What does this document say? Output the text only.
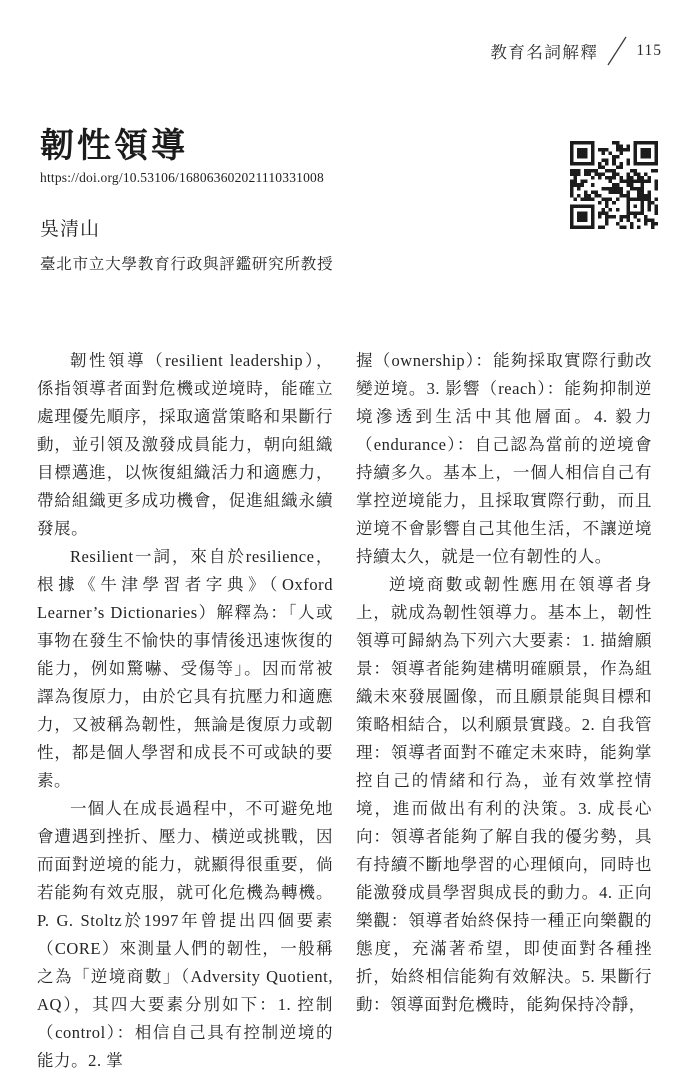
教育名詞解釋 115
韌性領導
https://doi.org/10.53106/168063602021110331008
吳清山
臺北市立大學教育行政與評鑑研究所教授

韌性領導（resilient leadership），係指領導者面對危機或逆境時，能確立處理優先順序，採取適當策略和果斷行動，並引領及激發成員能力，朝向組織目標邁進，以恢復組織活力和適應力，帶給組織更多成功機會，促進組織永續發展。

Resilient一詞，來自於resilience，根據《牛津學習者字典》（Oxford Learner’s Dictionaries）解釋為：「人或事物在發生不愉快的事情後迅速恢復的能力，例如驚嚇、受傷等」。因而常被譯為復原力，由於它具有抗壓力和適應力，又被稱為韌性，無論是復原力或韌性，都是個人學習和成長不可或缺的要素。

一個人在成長過程中，不可避免地會遭遇到挫折、壓力、橫逆或挑戰，因而面對逆境的能力，就顯得很重要，倘若能夠有效克服，就可化危機為轉機。P. G. Stoltz於1997年曾提出四個要素（CORE）來測量人們的韌性，一般稱之為「逆境商數」（Adversity Quotient, AQ），其四大要素分別如下：1. 控制（control）：相信自己具有控制逆境的能力。2. 掌

握（ownership）：能夠採取實際行動改變逆境。3. 影響（reach）：能夠抑制逆境滲透到生活中其他層面。4. 毅力（endurance）：自己認為當前的逆境會持續多久。基本上，一個人相信自己有掌控逆境能力，且採取實際行動，而且逆境不會影響自己其他生活，不讓逆境持續太久，就是一位有韌性的人。

逆境商數或韌性應用在領導者身上，就成為韌性領導力。基本上，韌性領導可歸納為下列六大要素：1. 描繪願景：領導者能夠建構明確願景，作為組織未來發展圖像，而且願景能與目標和策略相結合，以利願景實踐。2. 自我管理：領導者面對不確定未來時，能夠掌控自己的情緒和行為，並有效掌控情境，進而做出有利的決策。3. 成長心向：領導者能夠了解自我的優劣勢，具有持續不斷地學習的心理傾向，同時也能激發成員學習與成長的動力。4. 正向樂觀：領導者始終保持一種正向樂觀的態度，充滿著希望，即使面對各種挫折，始終相信能夠有效解決。5. 果斷行動：領導面對危機時，能夠保持冷靜，
